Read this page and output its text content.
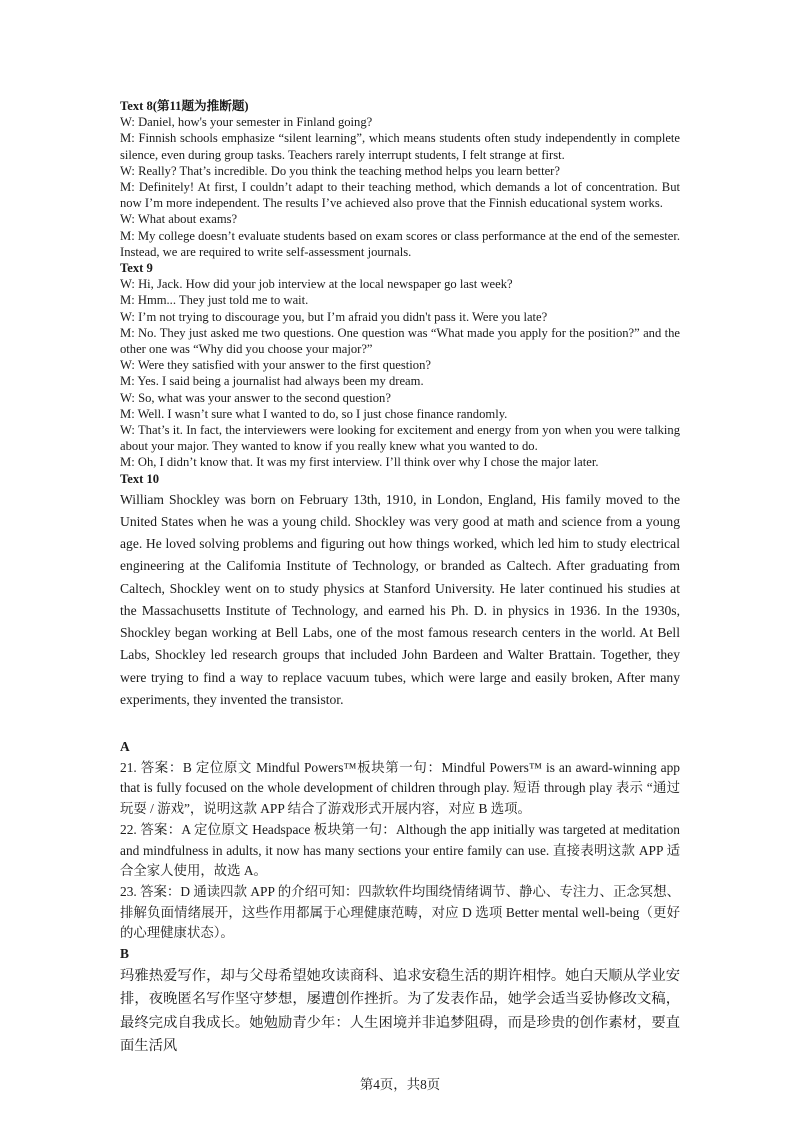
Text 8(第11题为推断题)
W: Daniel, how's your semester in Finland going?
M: Finnish schools emphasize “silent learning”, which means students often study independently in complete silence, even during group tasks. Teachers rarely interrupt students, I felt strange at first.
W: Really? That’s incredible. Do you think the teaching method helps you learn better?
M: Definitely! At first, I couldn’t adapt to their teaching method, which demands a lot of concentration. But now I’m more independent. The results I’ve achieved also prove that the Finnish educational system works.
W: What about exams?
M: My college doesn’t evaluate students based on exam scores or class performance at the end of the semester. Instead, we are required to write self-assessment journals.
Text 9
W: Hi, Jack. How did your job interview at the local newspaper go last week?
M: Hmm... They just told me to wait.
W: I’m not trying to discourage you, but I’m afraid you didn't pass it. Were you late?
M: No. They just asked me two questions. One question was “What made you apply for the position?” and the other one was “Why did you choose your major?”
W: Were they satisfied with your answer to the first question?
M: Yes. I said being a journalist had always been my dream.
W: So, what was your answer to the second question?
M: Well. I wasn’t sure what I wanted to do, so I just chose finance randomly.
W: That’s it. In fact, the interviewers were looking for excitement and energy from yon when you were talking about your major. They wanted to know if you really knew what you wanted to do.
M: Oh, I didn’t know that. It was my first interview. I’ll think over why I chose the major later.
Text 10
William Shockley was born on February 13th, 1910, in London, England, His family moved to the United States when he was a young child. Shockley was very good at math and science from a young age. He loved solving problems and figuring out how things worked, which led him to study electrical engineering at the Califomia Institute of Technology, or branded as Caltech. After graduating from Caltech, Shockley went on to study physics at Stanford University. He later continued his studies at the Massachusetts Institute of Technology, and earned his Ph. D. in physics in 1936. In the 1930s, Shockley began working at Bell Labs, one of the most famous research centers in the world. At Bell Labs, Shockley led research groups that included John Bardeen and Walter Brattain. Together, they were trying to find a way to replace vacuum tubes, which were large and easily broken, After many experiments, they invented the transistor.
A
21. 答案：B 定位原文 Mindful Powers™板块第一句：Mindful Powers™ is an award-winning app that is fully focused on the whole development of children through play. 短语 through play 表示 “通过玩耍 / 游戏”，说明这款 APP 结合了游戏形式开展内容，对应 B 选项。
22. 答案：A 定位原文 Headspace 板块第一句：Although the app initially was targeted at meditation and mindfulness in adults, it now has many sections your entire family can use. 直接表明这款 APP 适合全家人使用，故选 A。
23. 答案：D 通读四款 APP 的介绍可知：四款软件均围绕情绪调节、静心、专注力、正念冥想、排解负面情绪展开，这些作用都属于心理健康范畴，对应 D 选项 Better mental well-being（更好的心理健康状态）。
B
玛雅热爱写作，却与父母希望她攻读商科、追求安稳生活的期许相悖。她白天顺从学业安排，夜晚匿名写作坚守梦想，屡遭创作挫折。为了发表作品，她学会适当妥协修改文稿，最终完成自我成长。她勉励青少年：人生困境并非追梦阻碍，而是珍贵的创作素材，要直面生活风
第4页，共8页
